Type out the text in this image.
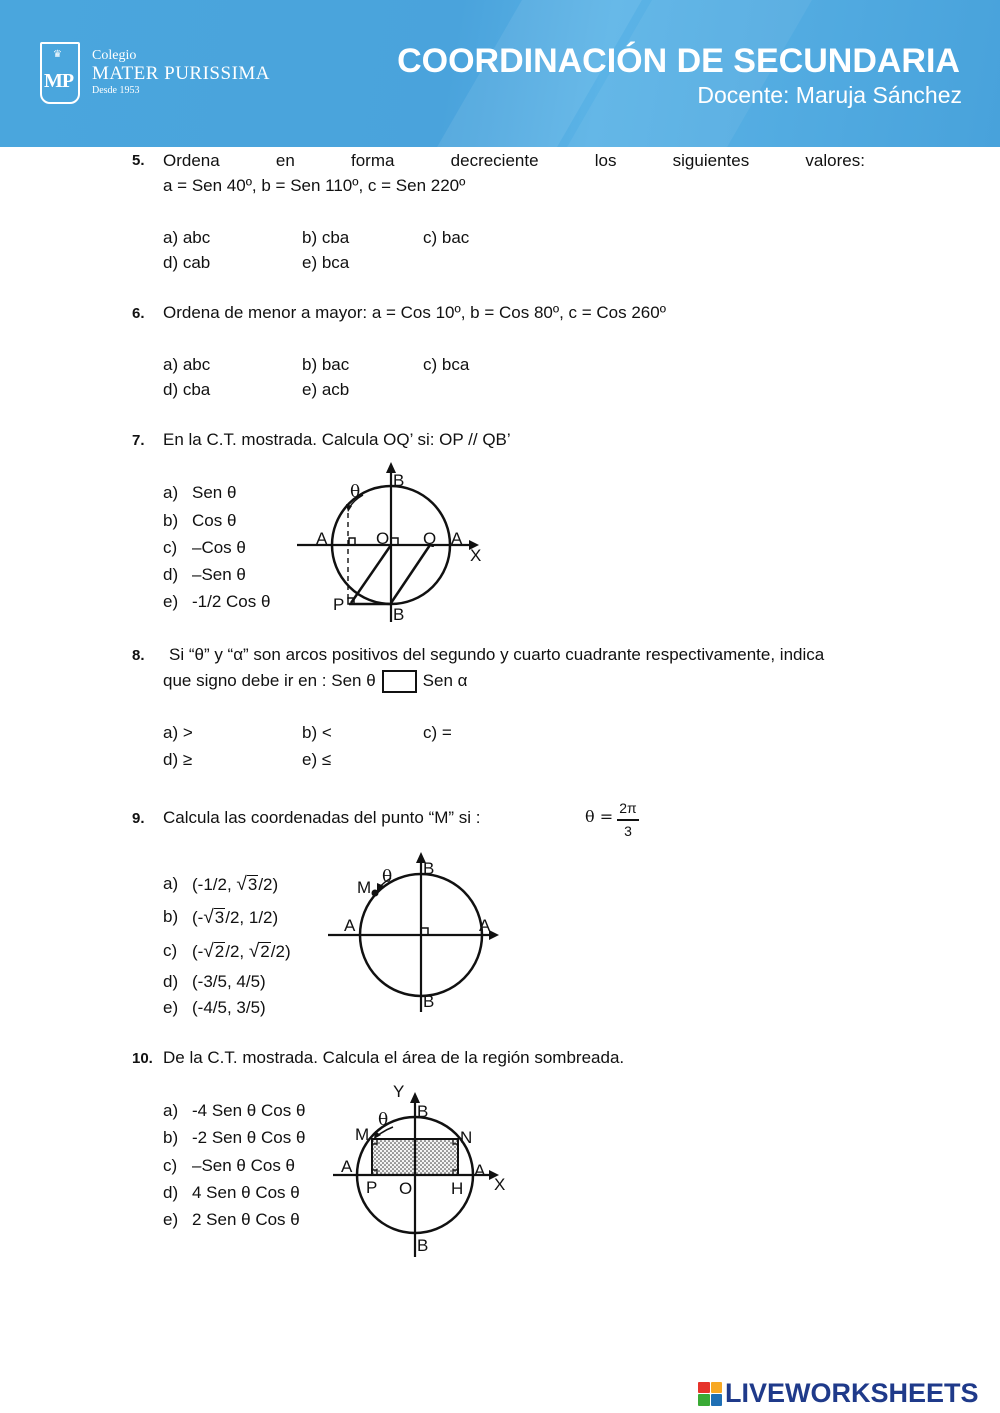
♛
MP
Colegio
MATER PURISSIMA
Desde 1953
COORDINACIÓN DE SECUNDARIA
Docente: Maruja Sánchez
5. Ordena	en	forma	decreciente	los	siguientes	valores:
a = Sen 40º, b = Sen 110º, c = Sen 220º
a) abc	b) cba	c) bac
d) cab	e) bca
6. Ordena de menor a mayor: a = Cos 10º, b = Cos 80º, c = Cos 260º
a) abc	b) bac	c) bca
d) cba	e) acb
7. En la C.T. mostrada. Calcula OQ’ si: OP // QB’
a) Sen θ
b) Cos θ
c) –Cos θ
d) –Sen θ
e) -1/2 Cos θ
θ
B
A	O Q A
X
P
B
8. Si “θ” y “α” son arcos positivos del segundo y cuarto cuadrante respectivamente, indica
que signo debe ir en : Sen θ	Sen α
a) >	b) <	c) =
d) ≥	e) ≤
9. Calcula las coordenadas del punto “M” si :	θ = 2π
3
a) (-1/2, √3/2)
b) (-√3/2, 1/2)
c) (-√2/2, √2/2)
d) (-3/5, 4/5)
e) (-4/5, 3/5)
M
θ B
A	A
B
10. De la C.T. mostrada. Calcula el área de la región sombreada.
a) -4 Sen θ Cos θ
b) -2 Sen θ Cos θ
c) –Sen θ Cos θ
d) 4 Sen θ Cos θ
e) 2 Sen θ Cos θ
Y
θ B
M	N
A	A
X
P O H
B
LIVEWORKSHEETS
